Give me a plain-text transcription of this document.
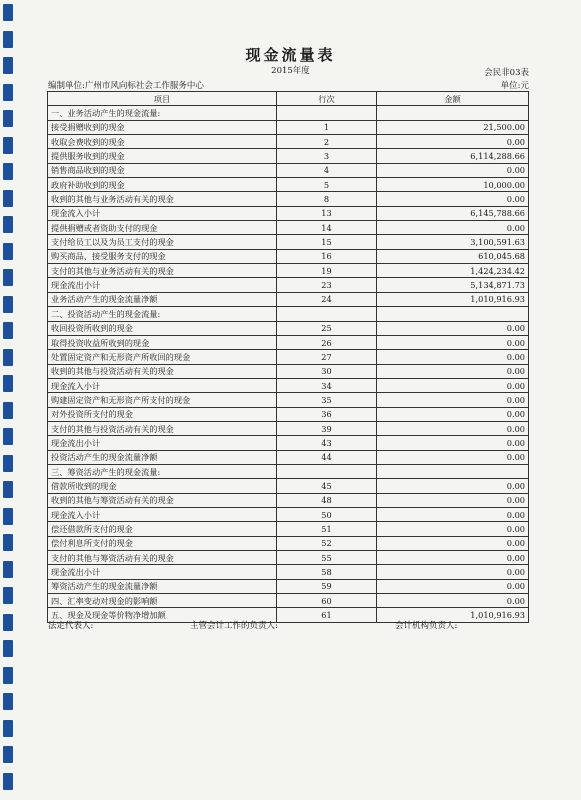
现金流量表
2015年度	会民非03表
编制单位:广州市风向标社会工作服务中心	单位:元
项目	行次	金额
一、业务活动产生的现金流量:		
接受捐赠收到的现金	1	21,500.00
收取会费收到的现金	2	0.00
提供服务收到的现金	3	6,114,288.66
销售商品收到的现金	4	0.00
政府补助收到的现金	5	10,000.00
收到的其他与业务活动有关的现金	8	0.00
现金流入小计	13	6,145,788.66
提供捐赠或者资助支付的现金	14	0.00
支付给员工以及为员工支付的现金	15	3,100,591.63
购买商品、接受服务支付的现金	16	610,045.68
支付的其他与业务活动有关的现金	19	1,424,234.42
现金流出小计	23	5,134,871.73
业务活动产生的现金流量净额	24	1,010,916.93
二、投资活动产生的现金流量:		
收回投资所收到的现金	25	0.00
取得投资收益所收到的现金	26	0.00
处置固定资产和无形资产所收回的现金	27	0.00
收到的其他与投资活动有关的现金	30	0.00
现金流入小计	34	0.00
购建固定资产和无形资产所支付的现金	35	0.00
对外投资所支付的现金	36	0.00
支付的其他与投资活动有关的现金	39	0.00
现金流出小计	43	0.00
投资活动产生的现金流量净额	44	0.00
三、筹资活动产生的现金流量:		
借款所收到的现金	45	0.00
收到的其他与筹资活动有关的现金	48	0.00
现金流入小计	50	0.00
偿还借款所支付的现金	51	0.00
偿付利息所支付的现金	52	0.00
支付的其他与筹资活动有关的现金	55	0.00
现金流出小计	58	0.00
筹资活动产生的现金流量净额	59	0.00
四、汇率变动对现金的影响额	60	0.00
五、现金及现金等价物净增加额	61	1,010,916.93
法定代表人:	主管会计工作的负责人:	会计机构负责人:
